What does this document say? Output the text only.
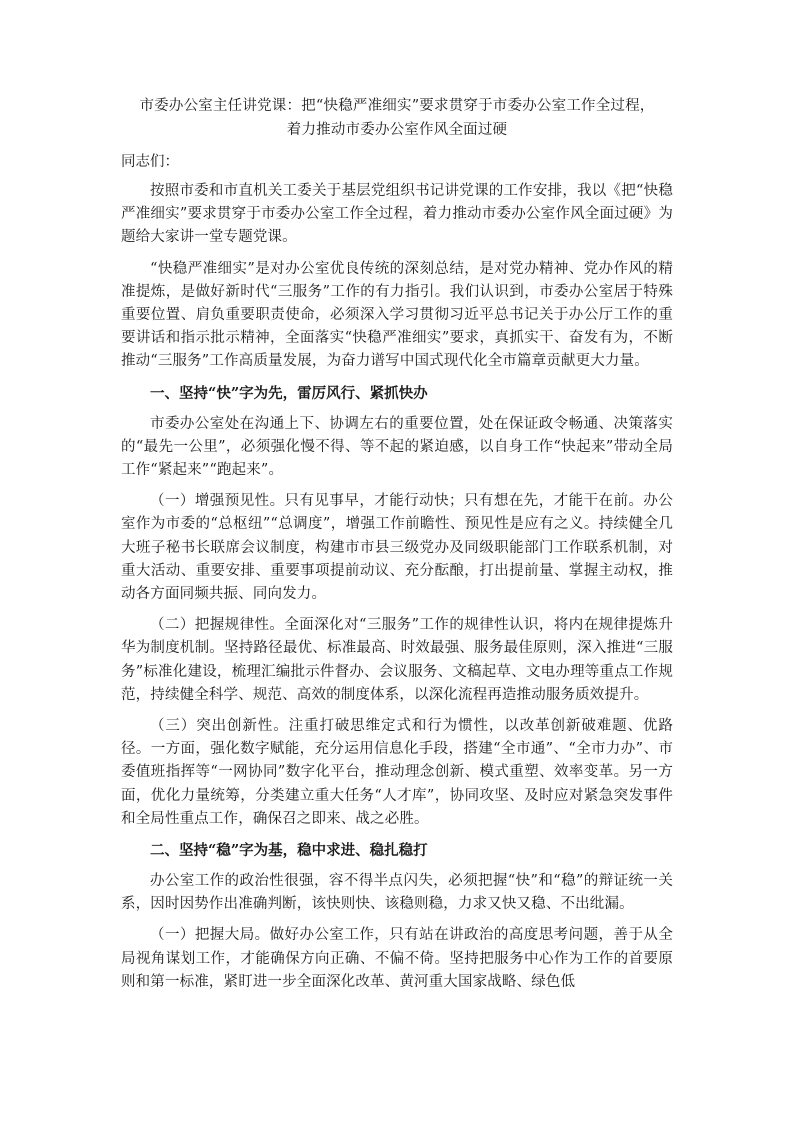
市委办公室主任讲党课：把“快稳严准细实”要求贯穿于市委办公室工作全过程，
着力推动市委办公室作风全面过硬

同志们：

按照市委和市直机关工委关于基层党组织书记讲党课的工作安排，我以《把“快稳严准细实”要求贯穿于市委办公室工作全过程，着力推动市委办公室作风全面过硬》为题给大家讲一堂专题党课。

“快稳严准细实”是对办公室优良传统的深刻总结，是对党办精神、党办作风的精准提炼，是做好新时代“三服务”工作的有力指引。我们认识到，市委办公室居于特殊重要位置、肩负重要职责使命，必须深入学习贯彻习近平总书记关于办公厅工作的重要讲话和指示批示精神，全面落实“快稳严准细实”要求，真抓实干、奋发有为，不断推动“三服务”工作高质量发展，为奋力谱写中国式现代化全市篇章贡献更大力量。

一、坚持“快”字为先，雷厉风行、紧抓快办

市委办公室处在沟通上下、协调左右的重要位置，处在保证政令畅通、决策落实的“最先一公里”，必须强化慢不得、等不起的紧迫感，以自身工作“快起来”带动全局工作“紧起来”“跑起来”。

（一）增强预见性。只有见事早，才能行动快；只有想在先，才能干在前。办公室作为市委的“总枢纽”“总调度”，增强工作前瞻性、预见性是应有之义。持续健全几大班子秘书长联席会议制度，构建市市县三级党办及同级职能部门工作联系机制，对重大活动、重要安排、重要事项提前动议、充分酝酿，打出提前量、掌握主动权，推动各方面同频共振、同向发力。

（二）把握规律性。全面深化对“三服务”工作的规律性认识，将内在规律提炼升华为制度机制。坚持路径最优、标准最高、时效最强、服务最佳原则，深入推进“三服务”标准化建设，梳理汇编批示件督办、会议服务、文稿起草、文电办理等重点工作规范，持续健全科学、规范、高效的制度体系，以深化流程再造推动服务质效提升。

（三）突出创新性。注重打破思维定式和行为惯性，以改革创新破难题、优路径。一方面，强化数字赋能，充分运用信息化手段，搭建“全市通”、“全市力办”、市委值班指挥等“一网协同”数字化平台，推动理念创新、模式重塑、效率变革。另一方面，优化力量统筹，分类建立重大任务“人才库”，协同攻坚、及时应对紧急突发事件和全局性重点工作，确保召之即来、战之必胜。

二、坚持“稳”字为基，稳中求进、稳扎稳打

办公室工作的政治性很强，容不得半点闪失，必须把握“快”和“稳”的辩证统一关系，因时因势作出准确判断，该快则快、该稳则稳，力求又快又稳、不出纰漏。

（一）把握大局。做好办公室工作，只有站在讲政治的高度思考问题，善于从全局视角谋划工作，才能确保方向正确、不偏不倚。坚持把服务中心作为工作的首要原则和第一标准，紧盯进一步全面深化改革、黄河重大国家战略、绿色低
